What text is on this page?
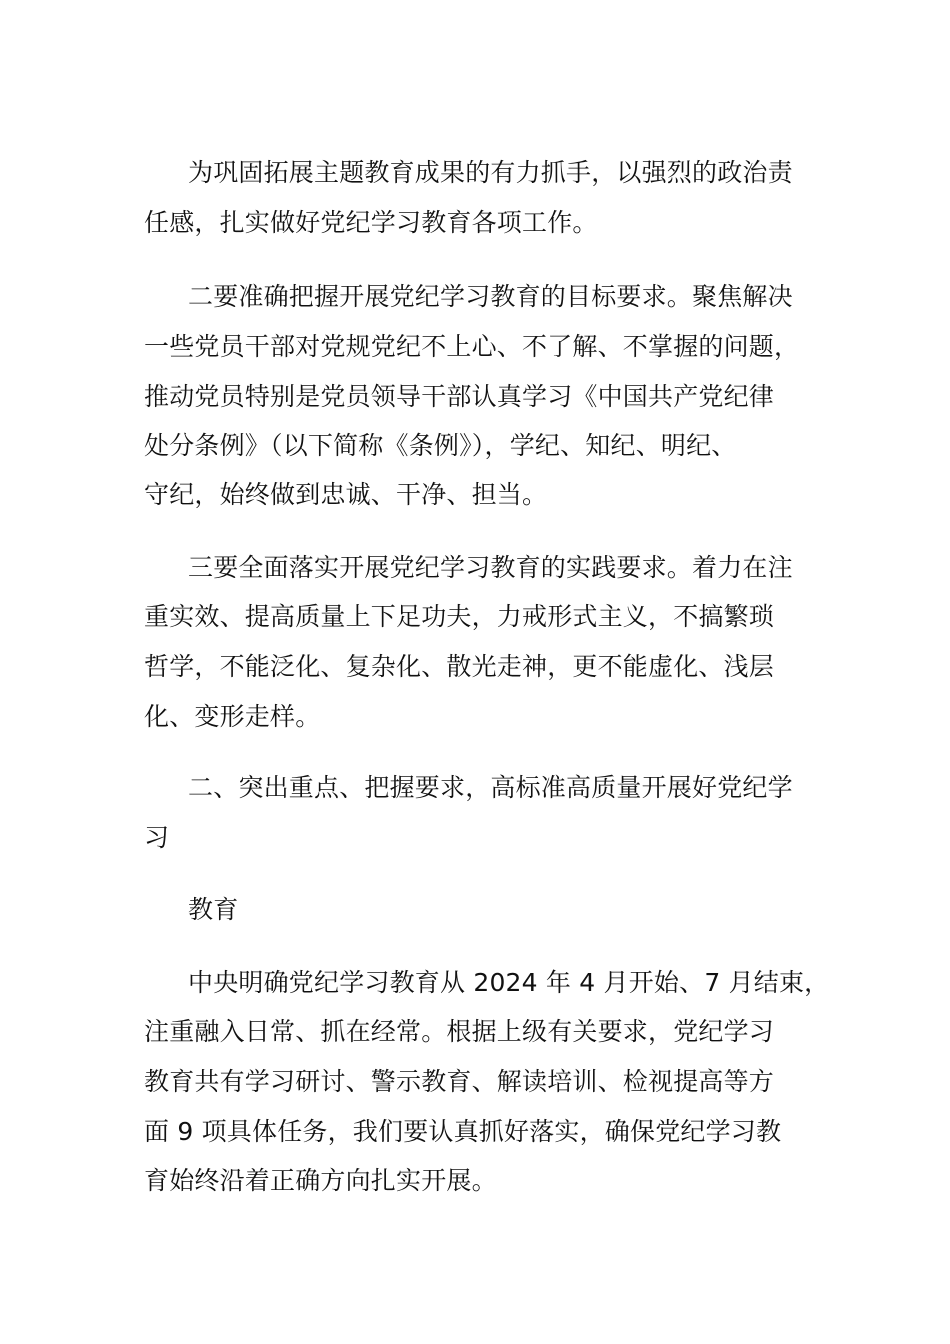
为巩固拓展主题教育成果的有力抓手，以强烈的政治责
任感，扎实做好党纪学习教育各项工作。
二要准确把握开展党纪学习教育的目标要求。聚焦解决
一些党员干部对党规党纪不上心、不了解、不掌握的问题，
推动党员特别是党员领导干部认真学习《中国共产党纪律
处分条例》（以下简称《条例》），学纪、知纪、明纪、
守纪，始终做到忠诚、干净、担当。
三要全面落实开展党纪学习教育的实践要求。着力在注
重实效、提高质量上下足功夫，力戒形式主义，不搞繁琐
哲学，不能泛化、复杂化、散光走神，更不能虚化、浅层
化、变形走样。
二、突出重点、把握要求，高标准高质量开展好党纪学
习
教育
中央明确党纪学习教育从 2024 年 4 月开始、7 月结束，
注重融入日常、抓在经常。根据上级有关要求，党纪学习
教育共有学习研讨、警示教育、解读培训、检视提高等方
面 9 项具体任务，我们要认真抓好落实，确保党纪学习教
育始终沿着正确方向扎实开展。
